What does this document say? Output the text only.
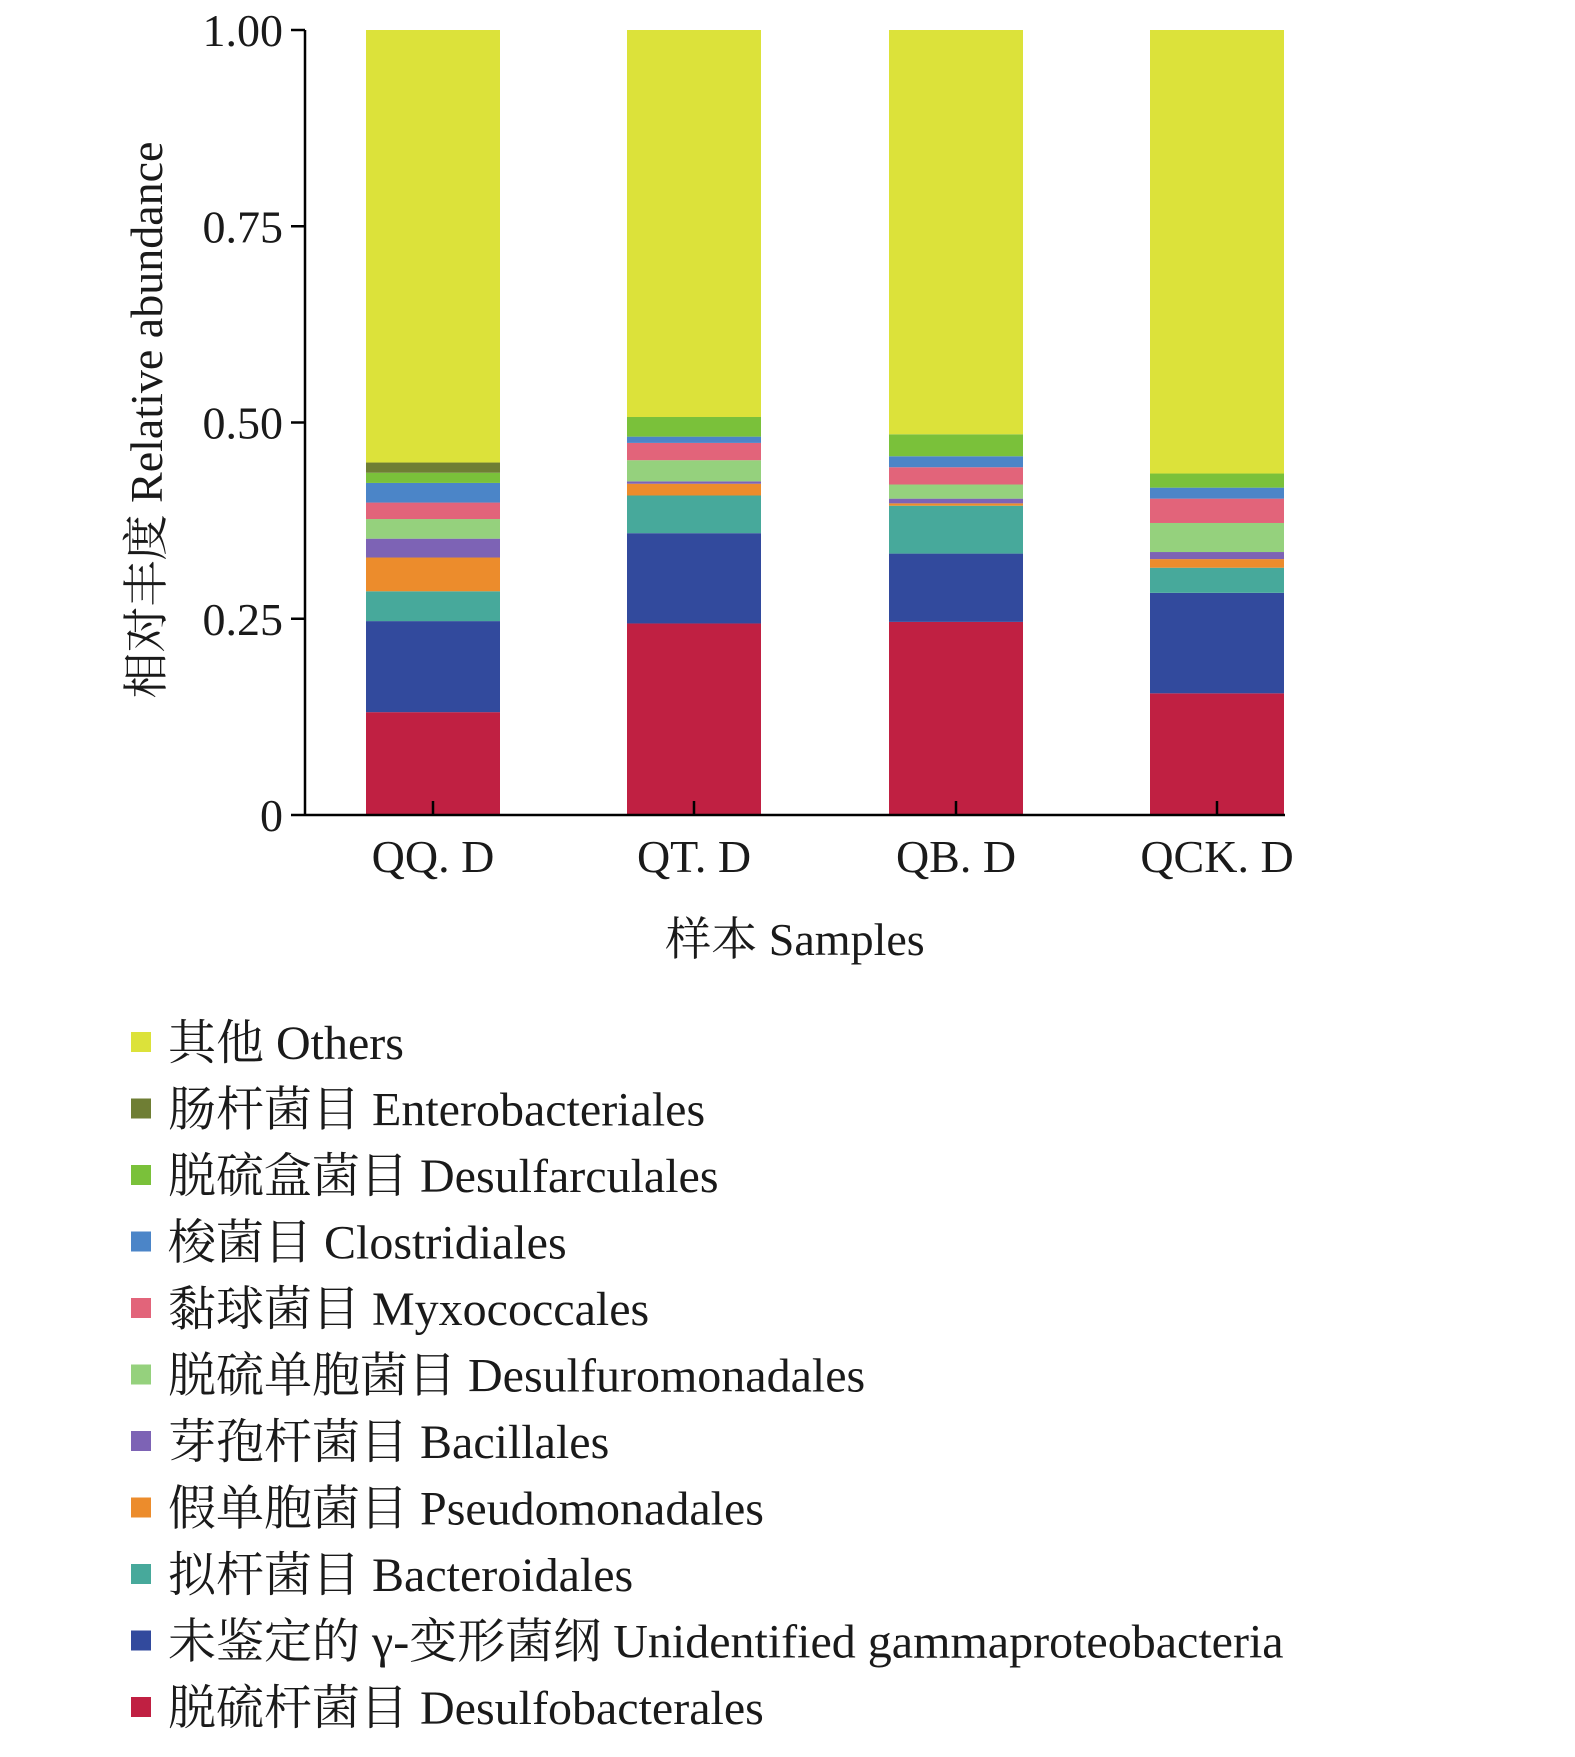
0
0.25
0.50
0.75
1.00
QQ. D	QT. D	QB. D	QCK. D
样本 Samples
相对丰度 Relative abundance
其他 Others
肠杆菌目 Enterobacteriales
脱硫盒菌目 Desulfarculales
梭菌目 Clostridiales
黏球菌目 Myxococcales
脱硫单胞菌目 Desulfuromonadales
芽孢杆菌目 Bacillales
假单胞菌目 Pseudomonadales
拟杆菌目 Bacteroidales
未鉴定的 γ-变形菌纲 Unidentified gammaproteobacteria
脱硫杆菌目 Desulfobacterales
